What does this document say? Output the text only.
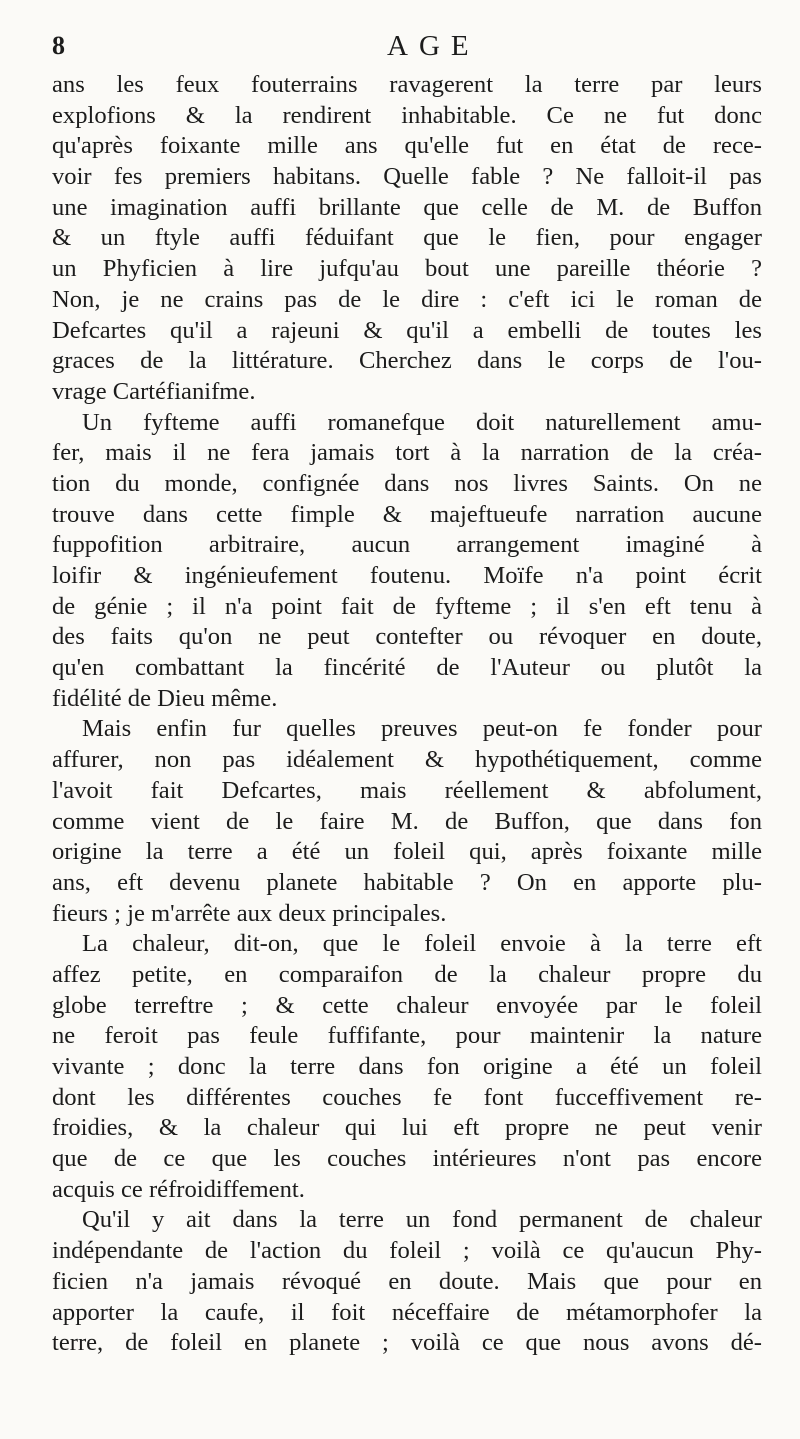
8	AGE
ans les feux fouterrains ravagerent la terre par leurs
explofions & la rendirent inhabitable. Ce ne fut donc
qu'après foixante mille ans qu'elle fut en état de rece-
voir fes premiers habitans. Quelle fable ? Ne falloit-il pas
une imagination auffi brillante que celle de M. de Buffon
& un ftyle auffi féduifant que le fien, pour engager
un Phyficien à lire jufqu'au bout une pareille théorie ?
Non, je ne crains pas de le dire : c'eft ici le roman de
Defcartes qu'il a rajeuni & qu'il a embelli de toutes les
graces de la littérature. Cherchez dans le corps de l'ou-
vrage Cartéfianifme.
Un fyfteme auffi romanefque doit naturellement amu-
fer, mais il ne fera jamais tort à la narration de la créa-
tion du monde, confignée dans nos livres Saints. On ne
trouve dans cette fimple & majeftueufe narration aucune
fuppofition arbitraire, aucun arrangement imaginé à
loifir & ingénieufement foutenu. Moïfe n'a point écrit
de génie ; il n'a point fait de fyfteme ; il s'en eft tenu à
des faits qu'on ne peut contefter ou révoquer en doute,
qu'en combattant la fincérité de l'Auteur ou plutôt la
fidélité de Dieu même.
Mais enfin fur quelles preuves peut-on fe fonder pour
affurer, non pas idéalement & hypothétiquement, comme
l'avoit fait Defcartes, mais réellement & abfolument,
comme vient de le faire M. de Buffon, que dans fon
origine la terre a été un foleil qui, après foixante mille
ans, eft devenu planete habitable ? On en apporte plu-
fieurs ; je m'arrête aux deux principales.
La chaleur, dit-on, que le foleil envoie à la terre eft
affez petite, en comparaifon de la chaleur propre du
globe terreftre ; & cette chaleur envoyée par le foleil
ne feroit pas feule fuffifante, pour maintenir la nature
vivante ; donc la terre dans fon origine a été un foleil
dont les différentes couches fe font fucceffivement re-
froidies, & la chaleur qui lui eft propre ne peut venir
que de ce que les couches intérieures n'ont pas encore
acquis ce réfroidiffement.
Qu'il y ait dans la terre un fond permanent de chaleur
indépendante de l'action du foleil ; voilà ce qu'aucun Phy-
ficien n'a jamais révoqué en doute. Mais que pour en
apporter la caufe, il foit néceffaire de métamorphofer la
terre, de foleil en planete ; voilà ce que nous avons dé-
